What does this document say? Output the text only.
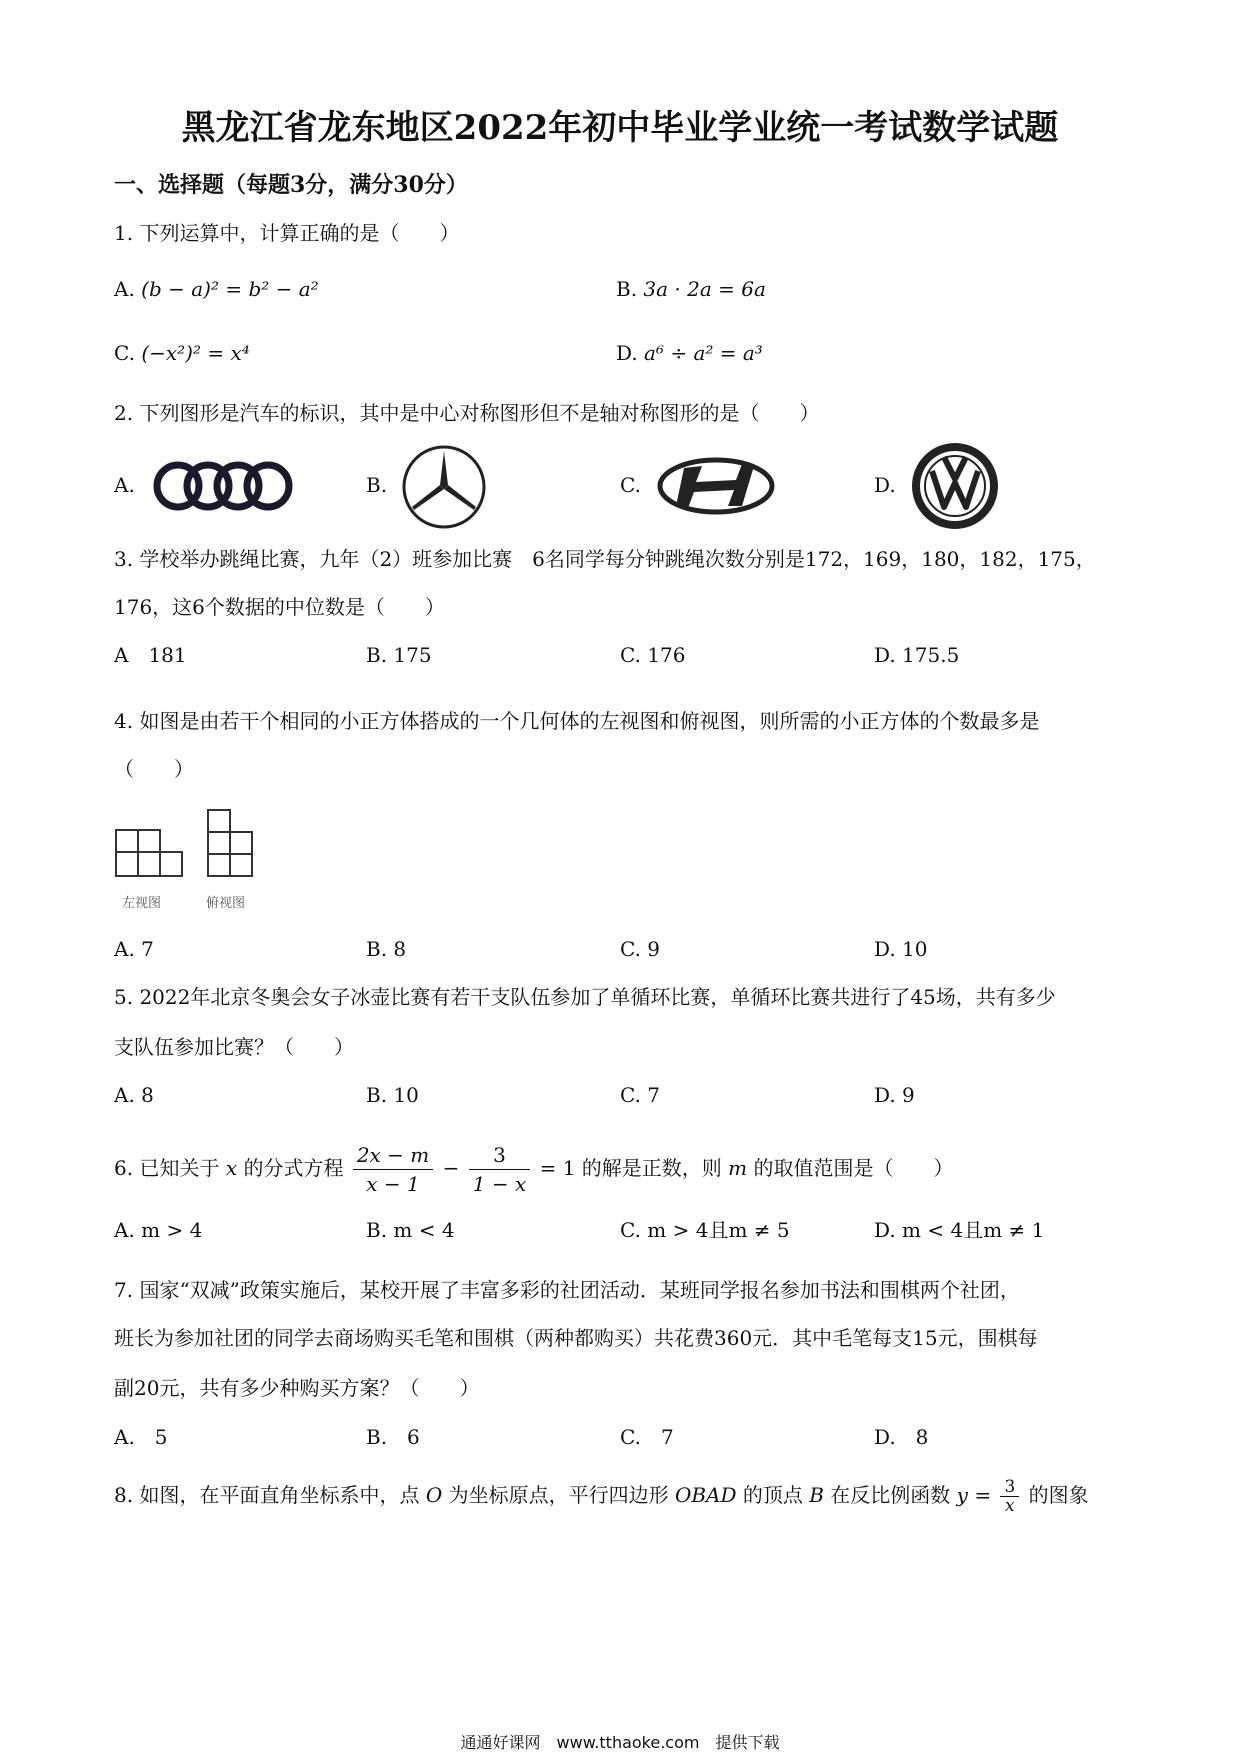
黑龙江省龙东地区2022年初中毕业学业统一考试数学试题
一、选择题（每题3分，满分30分）
1. 下列运算中，计算正确的是（　　）
A. (b − a)² = b² − a²	B. 3a · 2a = 6a
C. (−x²)² = x⁴	D. a⁶ ÷ a² = a³
2. 下列图形是汽车的标识，其中是中心对称图形但不是轴对称图形的是（　　）
A.	B.	C.	D.
3. 学校举办跳绳比赛，九年（2）班参加比赛　6名同学每分钟跳绳次数分别是172，169，180，182，175，
176，这6个数据的中位数是（　　）
A　181	B. 175	C. 176	D. 175.5
4. 如图是由若干个相同的小正方体搭成的一个几何体的左视图和俯视图，则所需的小正方体的个数最多是
（　　）
左视图	俯视图
A. 7	B. 8	C. 9	D. 10
5. 2022年北京冬奥会女子冰壶比赛有若干支队伍参加了单循环比赛，单循环比赛共进行了45场，共有多少
支队伍参加比赛？（　　）
A. 8	B. 10	C. 7	D. 9
6. 已知关于 x 的分式方程 $\frac{2x - m}{x - 1} - \frac{3}{1 - x} = 1$ 的解是正数，则 m 的取值范围是（　　）
A. m > 4	B. m < 4	C. m > 4且m ≠ 5	D. m < 4且m ≠ 1
7. 国家“双减”政策实施后，某校开展了丰富多彩的社团活动．某班同学报名参加书法和围棋两个社团，
班长为参加社团的同学去商场购买毛笔和围棋（两种都购买）共花费360元．其中毛笔每支15元，围棋每
副20元，共有多少种购买方案？（　　）
A.　5	B.　6	C.　7	D.　8
8. 如图，在平面直角坐标系中，点 O 为坐标原点，平行四边形 OBAD 的顶点 B 在反比例函数 $y = \frac{3}{x}$ 的图象
通通好课网　www.tthaoke.com　提供下载
